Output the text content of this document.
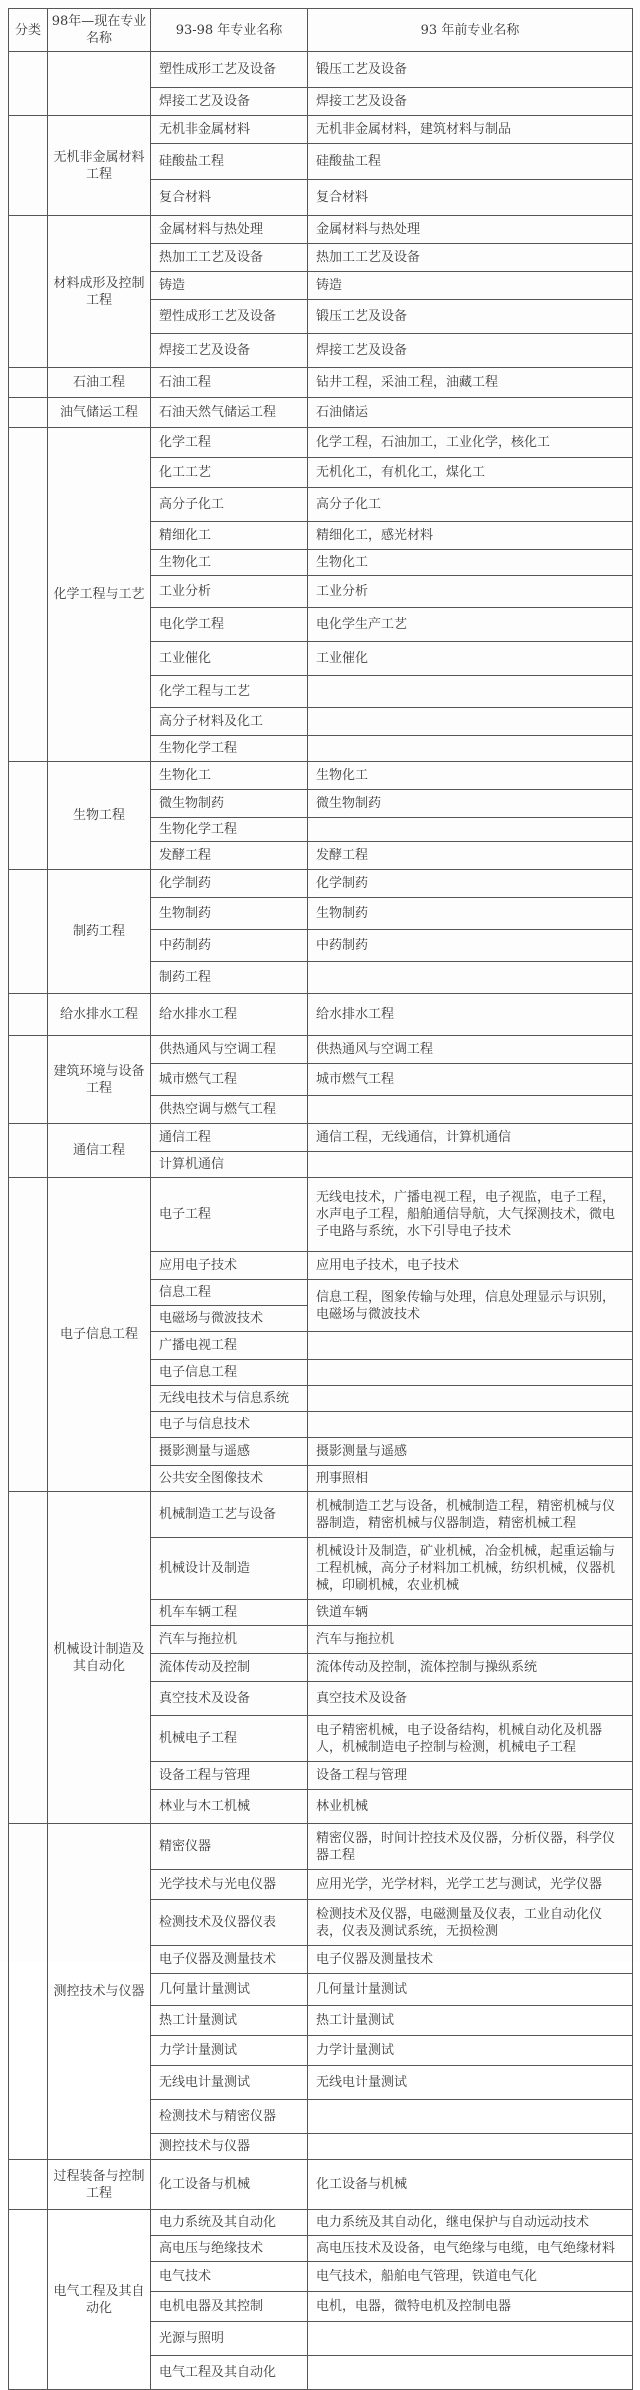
分类	98年—现在专业名称	93-98 年专业名称	93 年前专业名称
		塑性成形工艺及设备	锻压工艺及设备
		焊接工艺及设备	焊接工艺及设备
	无机非金属材料工程	无机非金属材料	无机非金属材料，建筑材料与制品
		硅酸盐工程	硅酸盐工程
		复合材料	复合材料
	材料成形及控制工程	金属材料与热处理	金属材料与热处理
		热加工工艺及设备	热加工工艺及设备
		铸造	铸造
		塑性成形工艺及设备	锻压工艺及设备
		焊接工艺及设备	焊接工艺及设备
	石油工程	石油工程	钻井工程，采油工程，油藏工程
	油气储运工程	石油天然气储运工程	石油储运
	化学工程与工艺	化学工程	化学工程，石油加工，工业化学，核化工
		化工工艺	无机化工，有机化工，煤化工
		高分子化工	高分子化工
		精细化工	精细化工，感光材料
		生物化工	生物化工
		工业分析	工业分析
		电化学工程	电化学生产工艺
		工业催化	工业催化
		化学工程与工艺	
		高分子材料及化工	
		生物化学工程	
	生物工程	生物化工	生物化工
		微生物制药	微生物制药
		生物化学工程	
		发酵工程	发酵工程
	制药工程	化学制药	化学制药
		生物制药	生物制药
		中药制药	中药制药
		制药工程	
	给水排水工程	给水排水工程	给水排水工程
	建筑环境与设备工程	供热通风与空调工程	供热通风与空调工程
		城市燃气工程	城市燃气工程
		供热空调与燃气工程	
	通信工程	通信工程	通信工程，无线通信，计算机通信
		计算机通信	
	电子信息工程	电子工程	无线电技术，广播电视工程，电子视监，电子工程，水声电子工程，船舶通信导航，大气探测技术，微电子电路与系统，水下引导电子技术
		应用电子技术	应用电子技术，电子技术
		信息工程	信息工程，图象传输与处理，信息处理显示与识别，电磁场与微波技术
		电磁场与微波技术	
		广播电视工程	
		电子信息工程	
		无线电技术与信息系统	
		电子与信息技术	
		摄影测量与遥感	摄影测量与遥感
		公共安全图像技术	刑事照相
	机械设计制造及其自动化	机械制造工艺与设备	机械制造工艺与设备，机械制造工程，精密机械与仪器制造，精密机械与仪器制造，精密机械工程
		机械设计及制造	机械设计及制造，矿业机械，冶金机械，起重运输与工程机械，高分子材料加工机械，纺织机械，仪器机械，印刷机械，农业机械
		机车车辆工程	铁道车辆
		汽车与拖拉机	汽车与拖拉机
		流体传动及控制	流体传动及控制，流体控制与操纵系统
		真空技术及设备	真空技术及设备
		机械电子工程	电子精密机械，电子设备结构，机械自动化及机器人，机械制造电子控制与检测，机械电子工程
		设备工程与管理	设备工程与管理
		林业与木工机械	林业机械
	测控技术与仪器	精密仪器	精密仪器，时间计控技术及仪器，分析仪器，科学仪器工程
		光学技术与光电仪器	应用光学，光学材料，光学工艺与测试，光学仪器
		检测技术及仪器仪表	检测技术及仪器，电磁测量及仪表，工业自动化仪表，仪表及测试系统，无损检测
		电子仪器及测量技术	电子仪器及测量技术
		几何量计量测试	几何量计量测试
		热工计量测试	热工计量测试
		力学计量测试	力学计量测试
		无线电计量测试	无线电计量测试
		检测技术与精密仪器	
		测控技术与仪器	
	过程装备与控制工程	化工设备与机械	化工设备与机械
	电气工程及其自动化	电力系统及其自动化	电力系统及其自动化，继电保护与自动远动技术
		高电压与绝缘技术	高电压技术及设备，电气绝缘与电缆，电气绝缘材料
		电气技术	电气技术，船舶电气管理，铁道电气化
		电机电器及其控制	电机，电器，微特电机及控制电器
		光源与照明	
		电气工程及其自动化	
